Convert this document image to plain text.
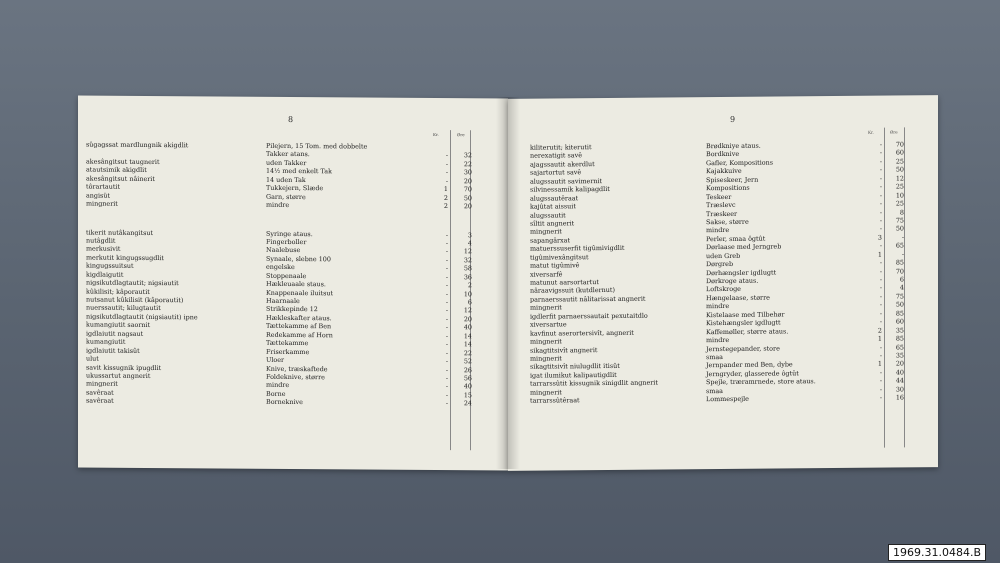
8
Kr.	Øre
sûgagssat mardlungnik akigdlit	Pilejern, 15 Tom. med dobbelte
Takker atans.	-	32
akesângitsut taugnerit	uden Takker	-	22
atautsimik akigdlit	14½ med enkelt Tak	-	30
akesângitsut nâinerit	14 uden Tak	-	20
tôrartautit	Tukkejern, Slæde	1	70
angisüt	Garn, større	2	50
mingnerit	mindre	2	20
tikerit nutâkangitsut	Syringe ataus.	-	3
nutâgdlit	Fingerboller	-	4
merkusivit	Naalebuse	-	12
merkutit kingugssugdlit	Synaale, slebne 100	-	32
kingugssuitsut	engelske	-	58
kigdlaigutit	Stoppenaale	-	36
nigsikutdlagtautit; nigsiautit	Hækleuaale staus.	-	2
kûkilisit; kâporautit	Knappenaale iluitsut	-	10
nutsanut kûkilisit (kâporautit)	Haarnaale	-	6
nuerssautit; kilugtautit	Strikkepinde 12	-	12
nigsikutdlagtautit (nigsiautit) ipne	Hækleskafter ataus.	-	20
kumangiutit saornit	Tættekamme af Ben	-	40
igdlaiutit nagsaut	Redekamme af Horn	-	14
kumangiutit	Tættekamme	-	14
igdlaiutit takisût	Friserkamme	-	22
ulut	Uloer	-	52
savit kissugnik ipugdlit	Knive, træskaftede	-	26
ukussartut angnerit	Foldeknive, større	-	56
mingnerit	mindre	-	40
savêraat	Borne	-	15
savêraat	Borneknive	-	24
9
Kr.	Øre
kiliterutit; kiterutit	Brødkniye ataus.	-	70
nerexatigit savê	Bordknive	-	60
ajagssautit akerdlut	Gafler, Kompositions	-	25
sajartortut savê	Kajakkuive	-	50
alugssautit savimernit	Spiseskeer, Jern	-	12
silvinessamik kalipagdlit	Kompositions	-	25
alugssautêraat	Teskeer	-	10
kajûtat aissuit	Træslevc	-	25
alugssautit	Træskeer	-	8
sîltit angnerit	Sakse, større	-	75
mingnerit	mindre	-	50
sapangârxat	Perler, smaa ôgtût	3	-
matuerssuserfit tigûmivigdlit	Dørlaase med Jerngreb	-	65
tigûmivexângitsut	uden Greb	1	-
matut tigûmivê	Dørgreb	-	85
xiversarfê	Dørhængsler igdlugtt	-	70
matunut aarsortartut	Dørkroge ataus.	-	6
nâraavigssuit (kutdlernut)	Loftskroge	-	4
parnaerssautit nâlitarissat angnerit	Hængelaase, større	-	75
mingnerit	mindre	-	50
igdlerfit parnaerssautait pexutaitdlo	Kistelaase med Tilbehør	-	85
xiversartue	Kistehængsler igdlugtt	-	60
kavfinut aserortersivît, angnerit	Kaffemøller, større ataus.	2	35
mingnerit	mindre	1	85
sikagtitsivît angnerit	Jernstegepander, store	-	65
mingnerit	smaa	-	35
sikagtitsivît niulugdlit itisût	Jernpander med Ben, dybe	1	20
igat ilumikut kalipautigdlit	Jerngryder, glasserede ôgtût	-	40
tarrarssûtit kissugnik sinigdlit angnerit	Spejle, træramrnede, store ataus.	-	44
mingnerit	smaa	-	30
tarrarssûtêraat	Lommespejle	-	16
1969.31.0484.B
